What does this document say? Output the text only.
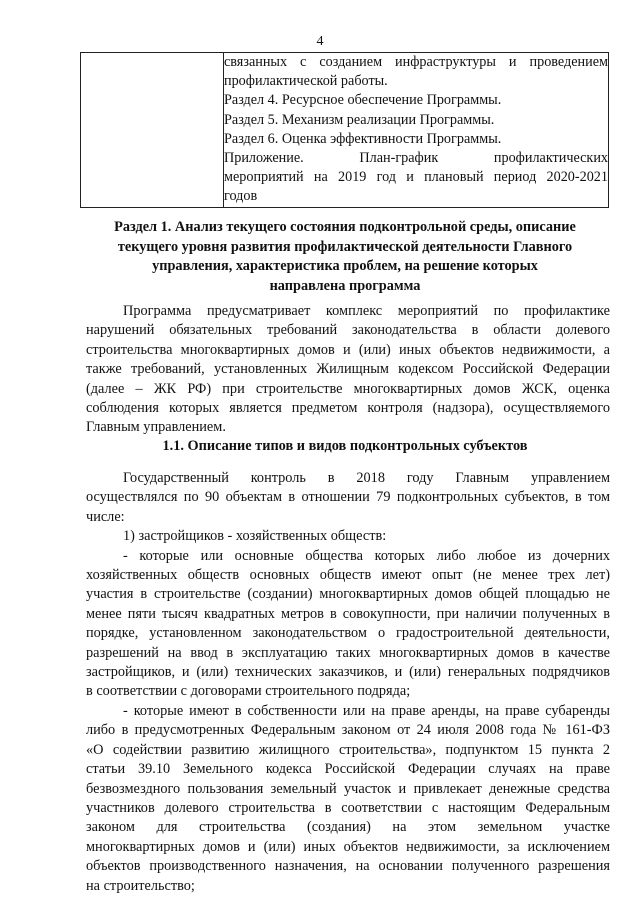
4

связанных с созданием инфраструктуры и проведением
профилактической работы.
Раздел 4. Ресурсное обеспечение Программы.
Раздел 5. Механизм реализации Программы.
Раздел 6. Оценка эффективности Программы.
Приложение. План-график профилактических
мероприятий на 2019 год и плановый период 2020-2021
годов
Раздел 1. Анализ текущего состояния подконтрольной среды, описание
текущего уровня развития профилактической деятельности Главного
управления, характеристика проблем, на решение которых
направлена программа
Программа предусматривает комплекс мероприятий по профилактике
нарушений обязательных требований законодательства в области долевого
строительства многоквартирных домов и (или) иных объектов недвижимости, а
также требований, установленных Жилищным кодексом Российской Федерации
(далее – ЖК РФ) при строительстве многоквартирных домов ЖСК, оценка
соблюдения которых является предметом контроля (надзора), осуществляемого
Главным управлением.
1.1. Описание типов и видов подконтрольных субъектов
Государственный контроль в 2018 году Главным управлением
осуществлялся по 90 объектам в отношении 79 подконтрольных субъектов, в том
числе:
1) застройщиков - хозяйственных обществ:
- которые или основные общества которых либо любое из дочерних
хозяйственных обществ основных обществ имеют опыт (не менее трех лет)
участия в строительстве (создании) многоквартирных домов общей площадью не
менее пяти тысяч квадратных метров в совокупности, при наличии полученных в
порядке, установленном законодательством о градостроительной деятельности,
разрешений на ввод в эксплуатацию таких многоквартирных домов в качестве
застройщиков, и (или) технических заказчиков, и (или) генеральных подрядчиков
в соответствии с договорами строительного подряда;
- которые имеют в собственности или на праве аренды, на праве субаренды
либо в предусмотренных Федеральным законом от 24 июля 2008 года № 161-ФЗ
«О содействии развитию жилищного строительства», подпунктом 15 пункта 2
статьи 39.10 Земельного кодекса Российской Федерации случаях на праве
безвозмездного пользования земельный участок и привлекает денежные средства
участников долевого строительства в соответствии с настоящим Федеральным
законом для строительства (создания) на этом земельном участке
многоквартирных домов и (или) иных объектов недвижимости, за исключением
объектов производственного назначения, на основании полученного разрешения
на строительство;
